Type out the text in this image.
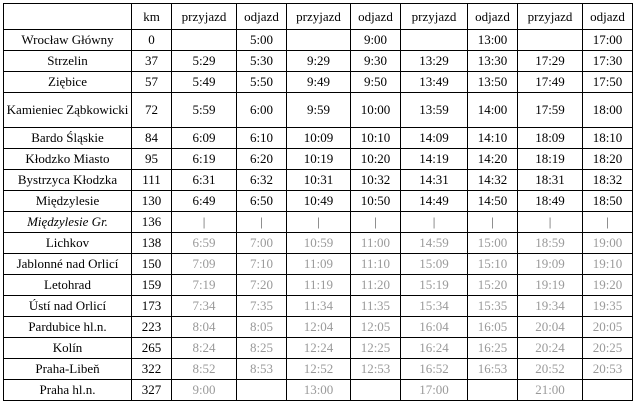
	km	przyjazd	odjazd	przyjazd	odjazd	przyjazd	odjazd	przyjazd	odjazd
Wrocław Główny	0		5:00		9:00		13:00		17:00
Strzelin	37	5:29	5:30	9:29	9:30	13:29	13:30	17:29	17:30
Ziębice	57	5:49	5:50	9:49	9:50	13:49	13:50	17:49	17:50
Kamieniec Ząbkowicki	72	5:59	6:00	9:59	10:00	13:59	14:00	17:59	18:00
Bardo Śląskie	84	6:09	6:10	10:09	10:10	14:09	14:10	18:09	18:10
Kłodzko Miasto	95	6:19	6:20	10:19	10:20	14:19	14:20	18:19	18:20
Bystrzyca Kłodzka	111	6:31	6:32	10:31	10:32	14:31	14:32	18:31	18:32
Międzylesie	130	6:49	6:50	10:49	10:50	14:49	14:50	18:49	18:50
Międzylesie Gr.	136	|	|	|	|	|	|	|	|
Lichkov	138	6:59	7:00	10:59	11:00	14:59	15:00	18:59	19:00
Jablonné nad Orlicí	150	7:09	7:10	11:09	11:10	15:09	15:10	19:09	19:10
Letohrad	159	7:19	7:20	11:19	11:20	15:19	15:20	19:19	19:20
Ústí nad Orlicí	173	7:34	7:35	11:34	11:35	15:34	15:35	19:34	19:35
Pardubice hl.n.	223	8:04	8:05	12:04	12:05	16:04	16:05	20:04	20:05
Kolín	265	8:24	8:25	12:24	12:25	16:24	16:25	20:24	20:25
Praha-Libeň	322	8:52	8:53	12:52	12:53	16:52	16:53	20:52	20:53
Praha hl.n.	327	9:00		13:00		17:00		21:00	
